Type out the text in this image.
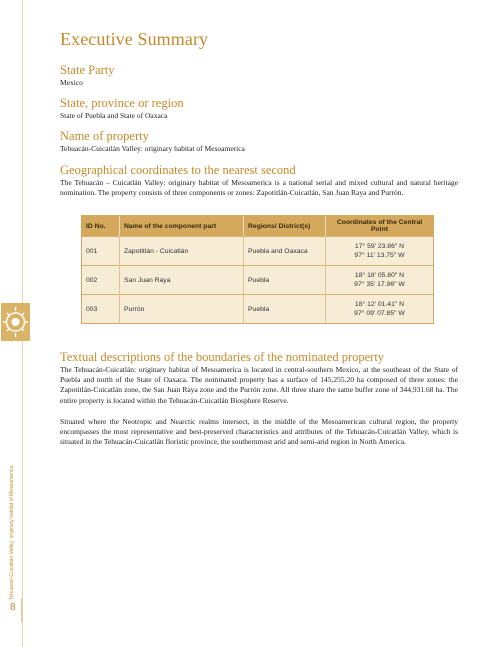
Tehuacán-Cuicatlán Valley: originary habitat of Mesoamerica
8
Executive Summary
State Party

Mexico

State, province or region

State of Puebla and State of Oaxaca

Name of property

Tehuacán-Cuicatlán Valley: originary habitat of Mesoamerica

Geographical coordinates to the nearest second

The Tehuacán – Cuicatlán Valley: originary habitat of Mesoamerica is a national serial and mixed cultural and natural heritage nomination. The property consists of three components or zones: Zapotitlán-Cuicatlán, San Juan Raya and Purrón.

ID No.	Name of the component part	Regions/ District(s)	Coordinates of the Central Point
001	Zapotitlán - Cuicatlán	Puebla and Oaxaca	17° 59' 23.86" N
97° 11' 13.75" W
002	San Juan Raya	Puebla	18° 18' 05.80" N
97° 35' 17.96" W
003	Purrón	Puebla	18° 12' 01.41" N
97° 09' 07.85" W
Textual descriptions of the boundaries of the nominated property

The Tehuacán-Cuicatlán: originary habitat of Mesoamerica is located in central-southern Mexico, at the southeast of the State of Puebla and north of the State of Oaxaca. The nominated property has a surface of 145,255.20 ha composed of three zones: the Zapotitlán-Cuicatlán zone, the San Juan Raya zone and the Purrón zone. All three share the same buffer zone of 344,931.68 ha. The entire property is located within the Tehuacán-Cuicatlán Biosphere Reserve.

Situated where the Neotropic and Nearctic realms intersect, in the middle of the Mesoamerican cultural region, the property encompasses the most representative and best-preserved characteristics and attributes of the Tehuacán-Cuicatlán Valley, which is situated in the Tehuacán-Cuicatlán floristic province, the southernmost arid and semi-arid region in North America.
